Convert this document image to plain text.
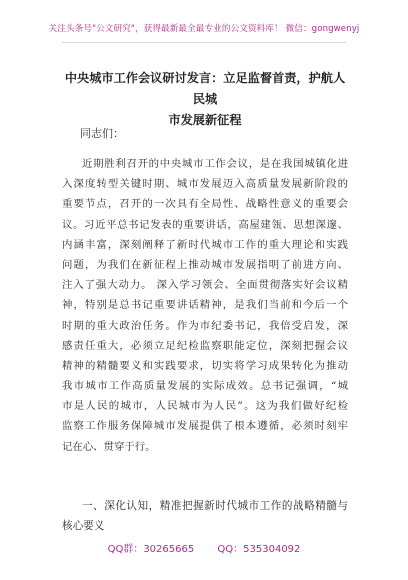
关注头条号"公文研究"，获得最新最全最专业的公文资料库！ 微信：gongwenyj
中央城市工作会议研讨发言：立足监督首责，护航人民城
市发展新征程
同志们：
近期胜利召开的中央城市工作会议，是在我国城镇化进
入深度转型关键时期、城市发展迈入高质量发展新阶段的
重要节点，召开的一次具有全局性、战略性意义的重要会
议。习近平总书记发表的重要讲话，高屋建瓴、思想深邃、
内涵丰富，深刻阐释了新时代城市工作的重大理论和实践
问题，为我们在新征程上推动城市发展指明了前进方向、
注入了强大动力。 深入学习领会、全面贯彻落实好会议精
神，特别是总书记重要讲话精神，是我们当前和今后一个
时期的重大政治任务。作为市纪委书记，我倍受启发，深
感责任重大，必须立足纪检监察职能定位，深刻把握会议
精神的精髓要义和实践要求，切实将学习成果转化为推动
我市城市工作高质量发展的实际成效。总书记强调，“城
市是人民的城市，人民城市为人民”。这为我们做好纪检
监察工作服务保障城市发展提供了根本遵循，必须时刻牢
记在心、贯穿于行。
一、深化认知，精准把握新时代城市工作的战略精髓与
核心要义
QQ群：30265665 QQ：535304092
